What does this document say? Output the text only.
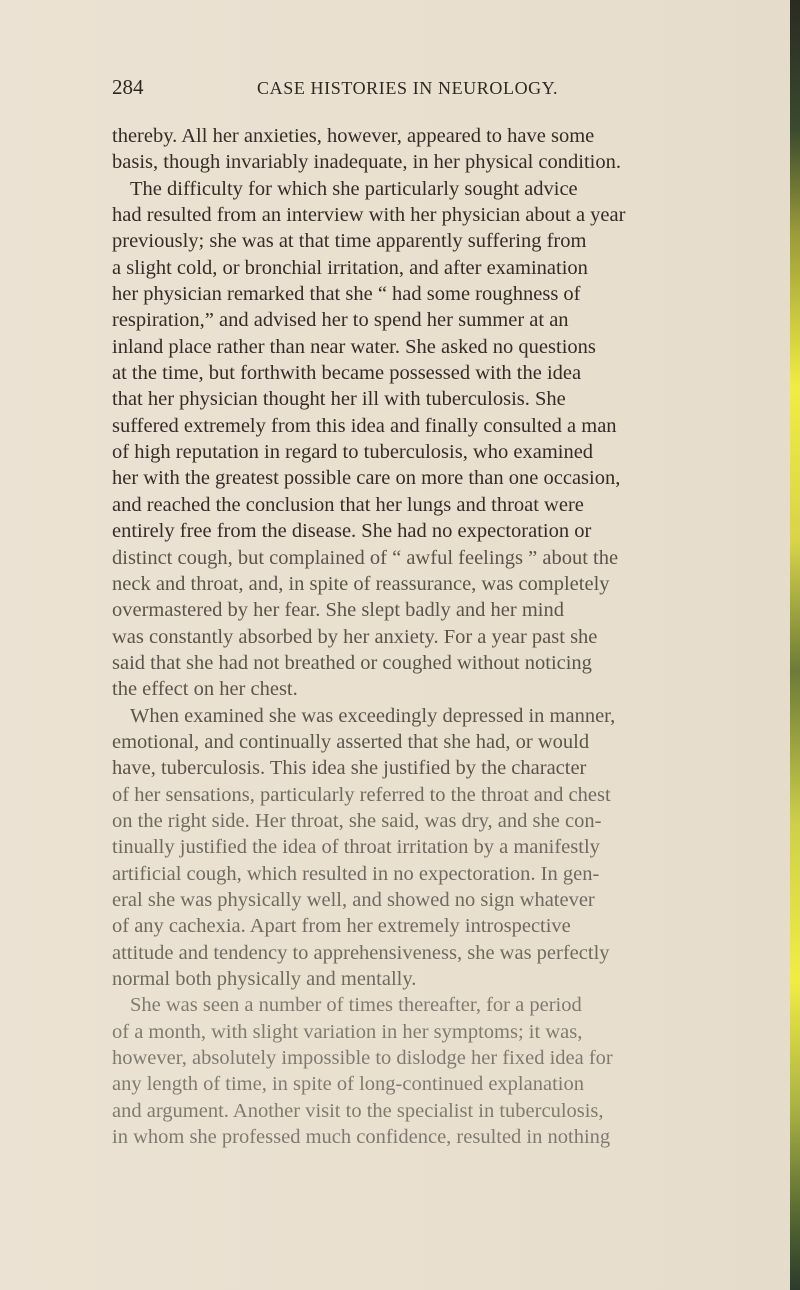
284	CASE HISTORIES IN NEUROLOGY.
thereby. All her anxieties, however, appeared to have some
basis, though invariably inadequate, in her physical condition.
The difficulty for which she particularly sought advice
had resulted from an interview with her physician about a year
previously; she was at that time apparently suffering from
a slight cold, or bronchial irritation, and after examination
her physician remarked that she “ had some roughness of
respiration,” and advised her to spend her summer at an
inland place rather than near water. She asked no questions
at the time, but forthwith became possessed with the idea
that her physician thought her ill with tuberculosis. She
suffered extremely from this idea and finally consulted a man
of high reputation in regard to tuberculosis, who examined
her with the greatest possible care on more than one occasion,
and reached the conclusion that her lungs and throat were
entirely free from the disease. She had no expectoration or
distinct cough, but complained of “ awful feelings ” about the
neck and throat, and, in spite of reassurance, was completely
overmastered by her fear. She slept badly and her mind
was constantly absorbed by her anxiety. For a year past she
said that she had not breathed or coughed without noticing
the effect on her chest.
When examined she was exceedingly depressed in manner,
emotional, and continually asserted that she had, or would
have, tuberculosis. This idea she justified by the character
of her sensations, particularly referred to the throat and chest
on the right side. Her throat, she said, was dry, and she con-
tinually justified the idea of throat irritation by a manifestly
artificial cough, which resulted in no expectoration. In gen-
eral she was physically well, and showed no sign whatever
of any cachexia. Apart from her extremely introspective
attitude and tendency to apprehensiveness, she was perfectly
normal both physically and mentally.
She was seen a number of times thereafter, for a period
of a month, with slight variation in her symptoms; it was,
however, absolutely impossible to dislodge her fixed idea for
any length of time, in spite of long-continued explanation
and argument. Another visit to the specialist in tuberculosis,
in whom she professed much confidence, resulted in nothing
